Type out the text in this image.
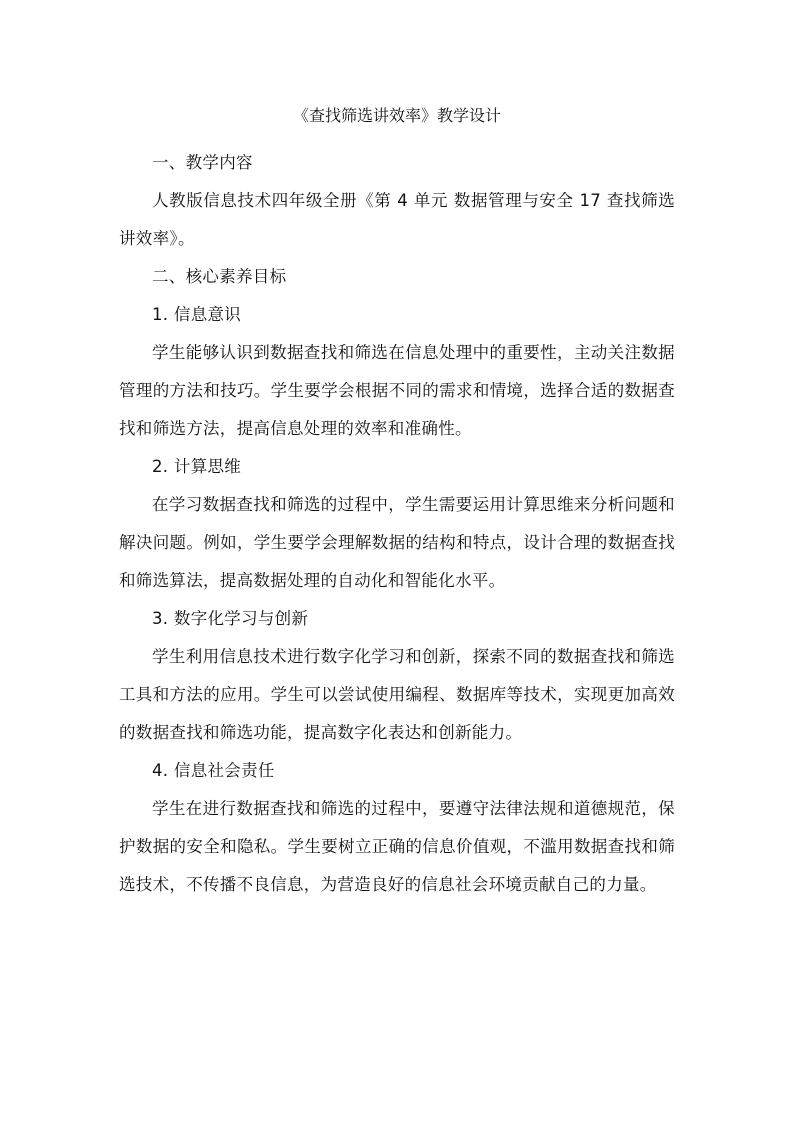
《查找筛选讲效率》教学设计

一、教学内容

人教版信息技术四年级全册《第 4 单元 数据管理与安全 17 查找筛选讲效率》。

二、核心素养目标

1. 信息意识

学生能够认识到数据查找和筛选在信息处理中的重要性，主动关注数据管理的方法和技巧。学生要学会根据不同的需求和情境，选择合适的数据查找和筛选方法，提高信息处理的效率和准确性。

2. 计算思维

在学习数据查找和筛选的过程中，学生需要运用计算思维来分析问题和解决问题。例如，学生要学会理解数据的结构和特点，设计合理的数据查找和筛选算法，提高数据处理的自动化和智能化水平。

3. 数字化学习与创新

学生利用信息技术进行数字化学习和创新，探索不同的数据查找和筛选工具和方法的应用。学生可以尝试使用编程、数据库等技术，实现更加高效的数据查找和筛选功能，提高数字化表达和创新能力。

4. 信息社会责任

学生在进行数据查找和筛选的过程中，要遵守法律法规和道德规范，保护数据的安全和隐私。学生要树立正确的信息价值观，不滥用数据查找和筛选技术，不传播不良信息，为营造良好的信息社会环境贡献自己的力量。
